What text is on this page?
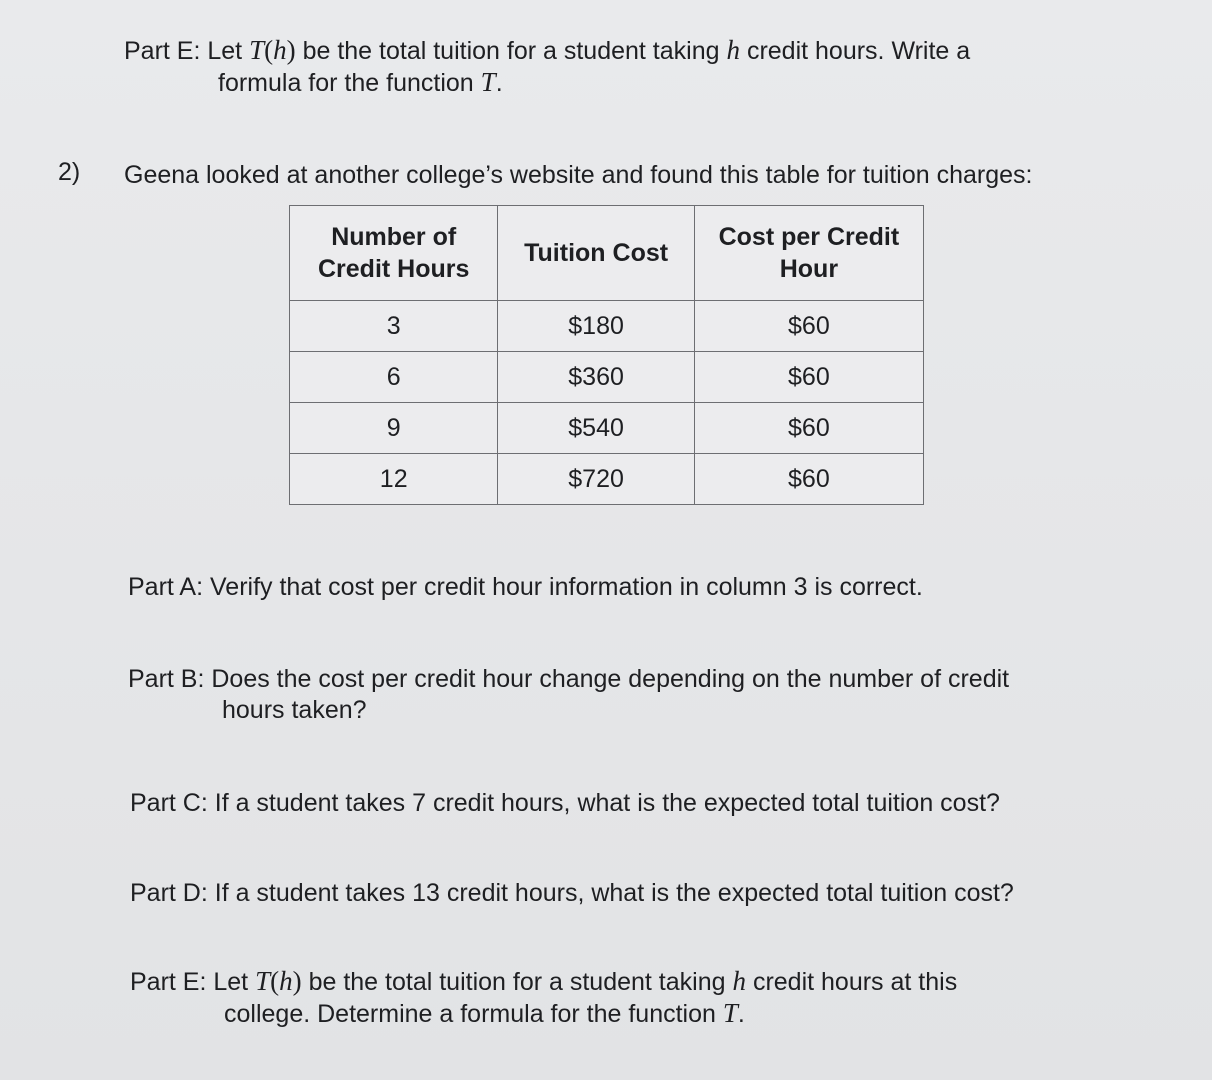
Part E: Let T(h) be the total tuition for a student taking h credit hours. Write a
formula for the function T.
2) Geena looked at another college’s website and found this table for tuition charges:
Number of
Credit Hours	Tuition Cost	Cost per Credit
Hour
3	$180	$60
6	$360	$60
9	$540	$60
12	$720	$60
Part A: Verify that cost per credit hour information in column 3 is correct.
Part B: Does the cost per credit hour change depending on the number of credit
hours taken?
Part C: If a student takes 7 credit hours, what is the expected total tuition cost?
Part D: If a student takes 13 credit hours, what is the expected total tuition cost?
Part E: Let T(h) be the total tuition for a student taking h credit hours at this
college. Determine a formula for the function T.
